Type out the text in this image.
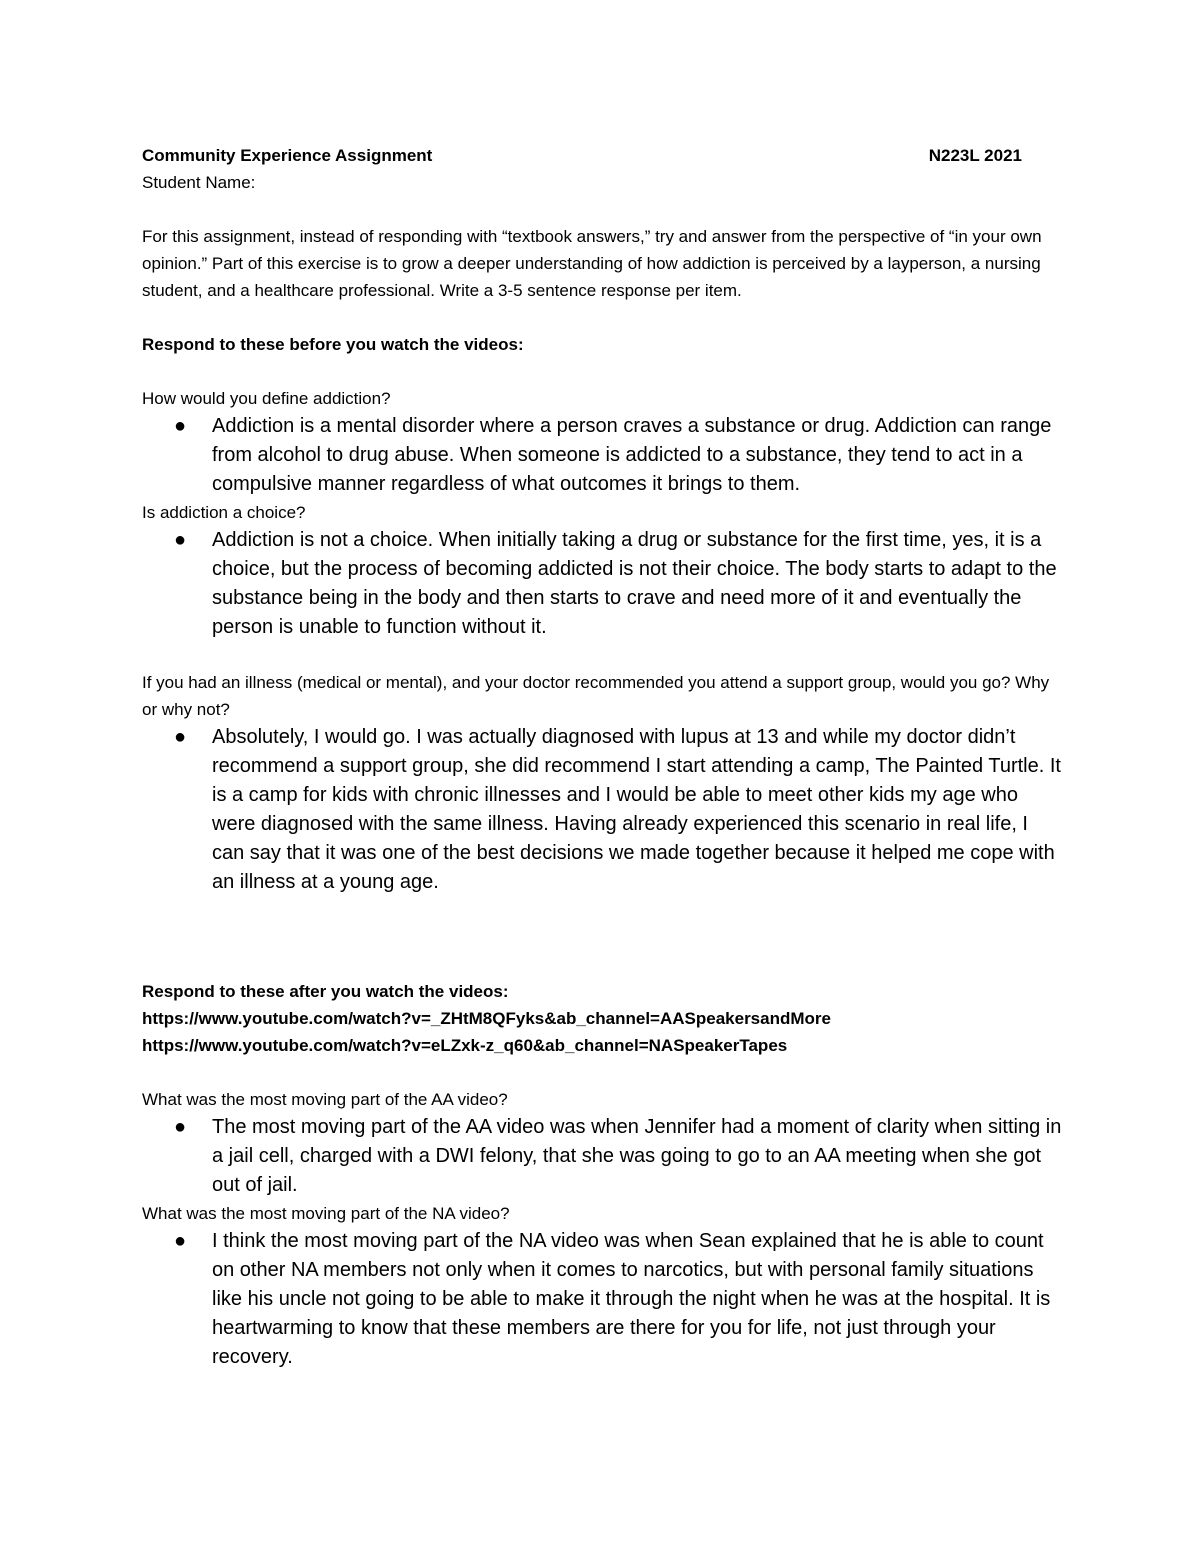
Community Experience Assignment	N223L 2021

Student Name:

For this assignment, instead of responding with “textbook answers,” try and answer from the perspective of “in your own opinion.” Part of this exercise is to grow a deeper understanding of how addiction is perceived by a layperson, a nursing student, and a healthcare professional. Write a 3-5 sentence response per item.

Respond to these before you watch the videos:

How would you define addiction?

● Addiction is a mental disorder where a person craves a substance or drug. Addiction can range from alcohol to drug abuse. When someone is addicted to a substance, they tend to act in a compulsive manner regardless of what outcomes it brings to them.

Is addiction a choice?

● Addiction is not a choice. When initially taking a drug or substance for the first time, yes, it is a choice, but the process of becoming addicted is not their choice. The body starts to adapt to the substance being in the body and then starts to crave and need more of it and eventually the person is unable to function without it.

If you had an illness (medical or mental), and your doctor recommended you attend a support group, would you go? Why or why not?

● Absolutely, I would go. I was actually diagnosed with lupus at 13 and while my doctor didn’t recommend a support group, she did recommend I start attending a camp, The Painted Turtle. It is a camp for kids with chronic illnesses and I would be able to meet other kids my age who were diagnosed with the same illness. Having already experienced this scenario in real life, I can say that it was one of the best decisions we made together because it helped me cope with an illness at a young age.

Respond to these after you watch the videos:

https://www.youtube.com/watch?v=_ZHtM8QFyks&ab_channel=AASpeakersandMore

https://www.youtube.com/watch?v=eLZxk-z_q60&ab_channel=NASpeakerTapes

What was the most moving part of the AA video?

● The most moving part of the AA video was when Jennifer had a moment of clarity when sitting in a jail cell, charged with a DWI felony, that she was going to go to an AA meeting when she got out of jail.

What was the most moving part of the NA video?

● I think the most moving part of the NA video was when Sean explained that he is able to count on other NA members not only when it comes to narcotics, but with personal family situations like his uncle not going to be able to make it through the night when he was at the hospital. It is heartwarming to know that these members are there for you for life, not just through your recovery.
